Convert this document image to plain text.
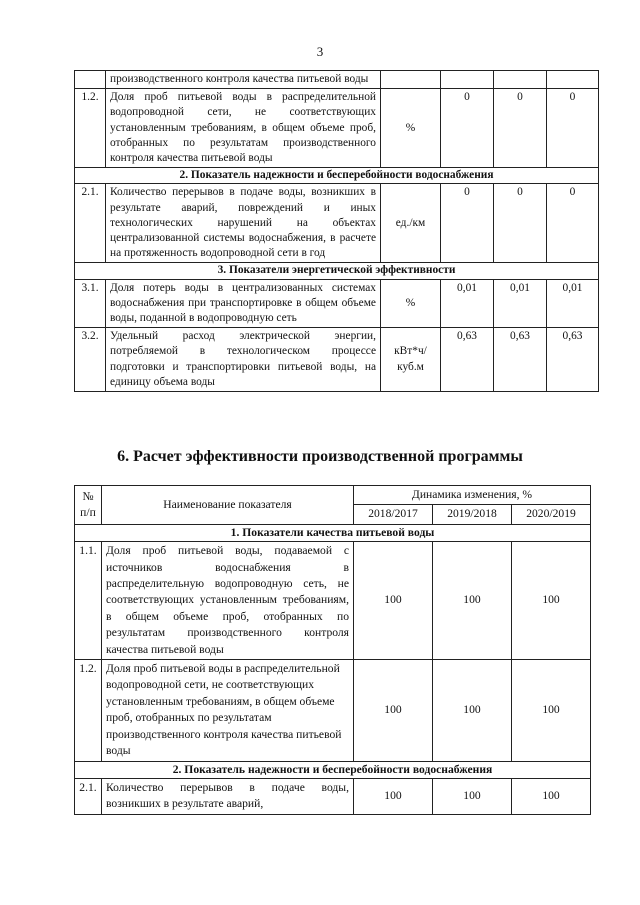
3
	производственного контроля качества питьевой воды				
1.2.	Доля проб питьевой воды в распределительной водопроводной сети, не соответствующих установленным требованиям, в общем объеме проб, отобранных по результатам производственного контроля качества питьевой воды	%	0	0	0
2. Показатель надежности и бесперебойности водоснабжения					
2.1.	Количество перерывов в подаче воды, возникших в результате аварий, повреждений и иных технологических нарушений на объектах централизованной системы водоснабжения, в расчете на протяженность водопроводной сети в год	ед./км	0	0	0
3. Показатели энергетической эффективности					
3.1.	Доля потерь воды в централизованных системах водоснабжения при транспортировке в общем объеме воды, поданной в водопроводную сеть	%	0,01	0,01	0,01
3.2.	Удельный расход электрической энергии, потребляемой в технологическом процессе подготовки и транспортировки питьевой воды, на единицу объема воды	кВт*ч/куб.м	0,63	0,63	0,63
6. Расчет эффективности производственной программы
№ п/п	Наименование показателя	Динамика изменения, %		
		2018/2017	2019/2018	2020/2019
1. Показатели качества питьевой воды				
1.1.	Доля проб питьевой воды, подаваемой с источников водоснабжения в распределительную водопроводную сеть, не соответствующих установленным требованиям, в общем объеме проб, отобранных по результатам производственного контроля качества питьевой воды	100	100	100
1.2.	Доля проб питьевой воды в распределительной водопроводной сети, не соответствующих установленным требованиям, в общем объеме проб, отобранных по результатам производственного контроля качества питьевой воды	100	100	100
2. Показатель надежности и бесперебойности водоснабжения				
2.1.	Количество перерывов в подаче воды, возникших в результате аварий,	100	100	100
